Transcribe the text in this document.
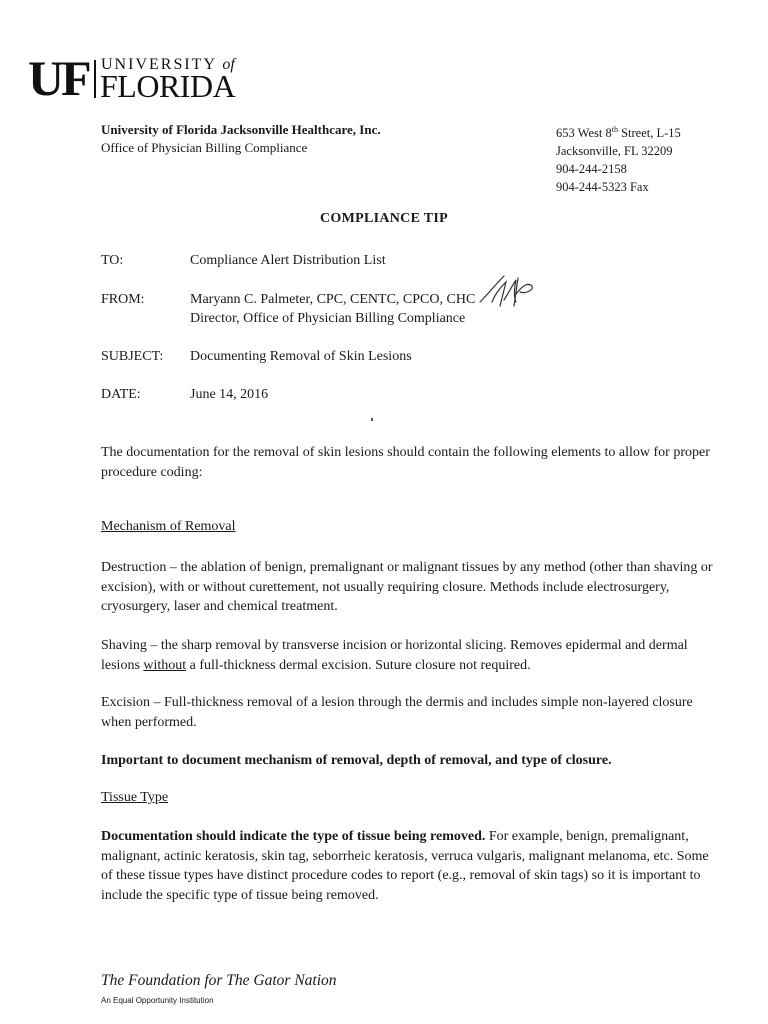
UF UNIVERSITY of
FLORIDA
University of Florida Jacksonville Healthcare, Inc.
Office of Physician Billing Compliance
653 West 8th Street, L-15
Jacksonville, FL 32209
904-244-2158
904-244-5323 Fax
COMPLIANCE TIP
TO:	Compliance Alert Distribution List
FROM:	Maryann C. Palmeter, CPC, CENTC, CPCO, CHC
Director, Office of Physician Billing Compliance
SUBJECT: Documenting Removal of Skin Lesions
DATE:	June 14, 2016
The documentation for the removal of skin lesions should contain the following elements to allow for proper procedure coding:
Mechanism of Removal
Destruction – the ablation of benign, premalignant or malignant tissues by any method (other than shaving or excision), with or without curettement, not usually requiring closure. Methods include electrosurgery, cryosurgery, laser and chemical treatment.
Shaving – the sharp removal by transverse incision or horizontal slicing. Removes epidermal and dermal lesions without a full-thickness dermal excision. Suture closure not required.
Excision – Full-thickness removal of a lesion through the dermis and includes simple non-layered closure when performed.
Important to document mechanism of removal, depth of removal, and type of closure.
Tissue Type
Documentation should indicate the type of tissue being removed. For example, benign, premalignant, malignant, actinic keratosis, skin tag, seborrheic keratosis, verruca vulgaris, malignant melanoma, etc. Some of these tissue types have distinct procedure codes to report (e.g., removal of skin tags) so it is important to include the specific type of tissue being removed.
The Foundation for The Gator Nation
An Equal Opportunity Institution
